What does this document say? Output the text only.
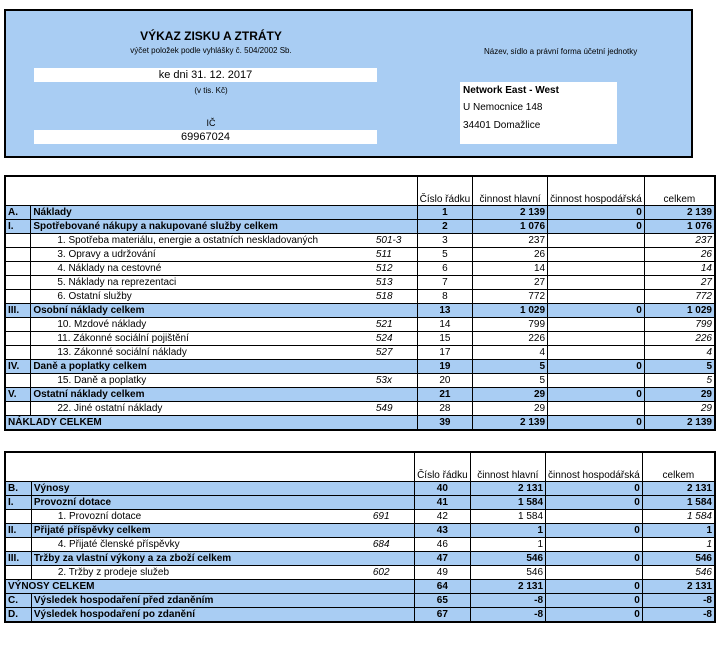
VÝKAZ ZISKU A ZTRÁTY
výčet položek podle vyhlášky č. 504/2002 Sb.
ke dni 31. 12. 2017
(v tis. Kč)
IČ
69967024
Název, sídlo a právní forma účetní jednotky
Network East - West
U Nemocnice 148
34401 Domažlice
			Číslo řádku	činnost hlavní	činnost hospodářská	celkem
A.	Náklady		1	2 139	0	2 139
I.	Spotřebované nákupy a nakupované služby celkem		2	1 076	0	1 076
	1. Spotřeba materiálu, energie a ostatních neskladovaných	501-3	3	237		237
	3. Opravy a udržování	511	5	26		26
	4. Náklady na cestovné	512	6	14		14
	5. Náklady na reprezentaci	513	7	27		27
	6. Ostatní služby	518	8	772		772
III.	Osobní náklady celkem		13	1 029	0	1 029
	10. Mzdové náklady	521	14	799		799
	11. Zákonné sociální pojištění	524	15	226		226
	13. Zákonné sociální náklady	527	17	4		4
IV.	Daně a poplatky celkem		19	5	0	5
	15. Daně a poplatky	53x	20	5		5
V.	Ostatní náklady celkem		21	29	0	29
	22. Jiné ostatní náklady	549	28	29		29
NÁKLADY CELKEM			39	2 139	0	2 139
			Číslo řádku	činnost hlavní	činnost hospodářská	celkem
B.	Výnosy		40	2 131	0	2 131
I.	Provozní dotace		41	1 584	0	1 584
	1. Provozní dotace	691	42	1 584		1 584
II.	Přijaté příspěvky celkem		43	1	0	1
	4. Přijaté členské příspěvky	684	46	1		1
III.	Tržby za vlastní výkony a za zboží celkem		47	546	0	546
	2. Tržby z prodeje služeb	602	49	546		546
VÝNOSY CELKEM			64	2 131	0	2 131
C.	Výsledek hospodaření před zdaněním		65	-8	0	-8
D.	Výsledek hospodaření po zdanění		67	-8	0	-8
